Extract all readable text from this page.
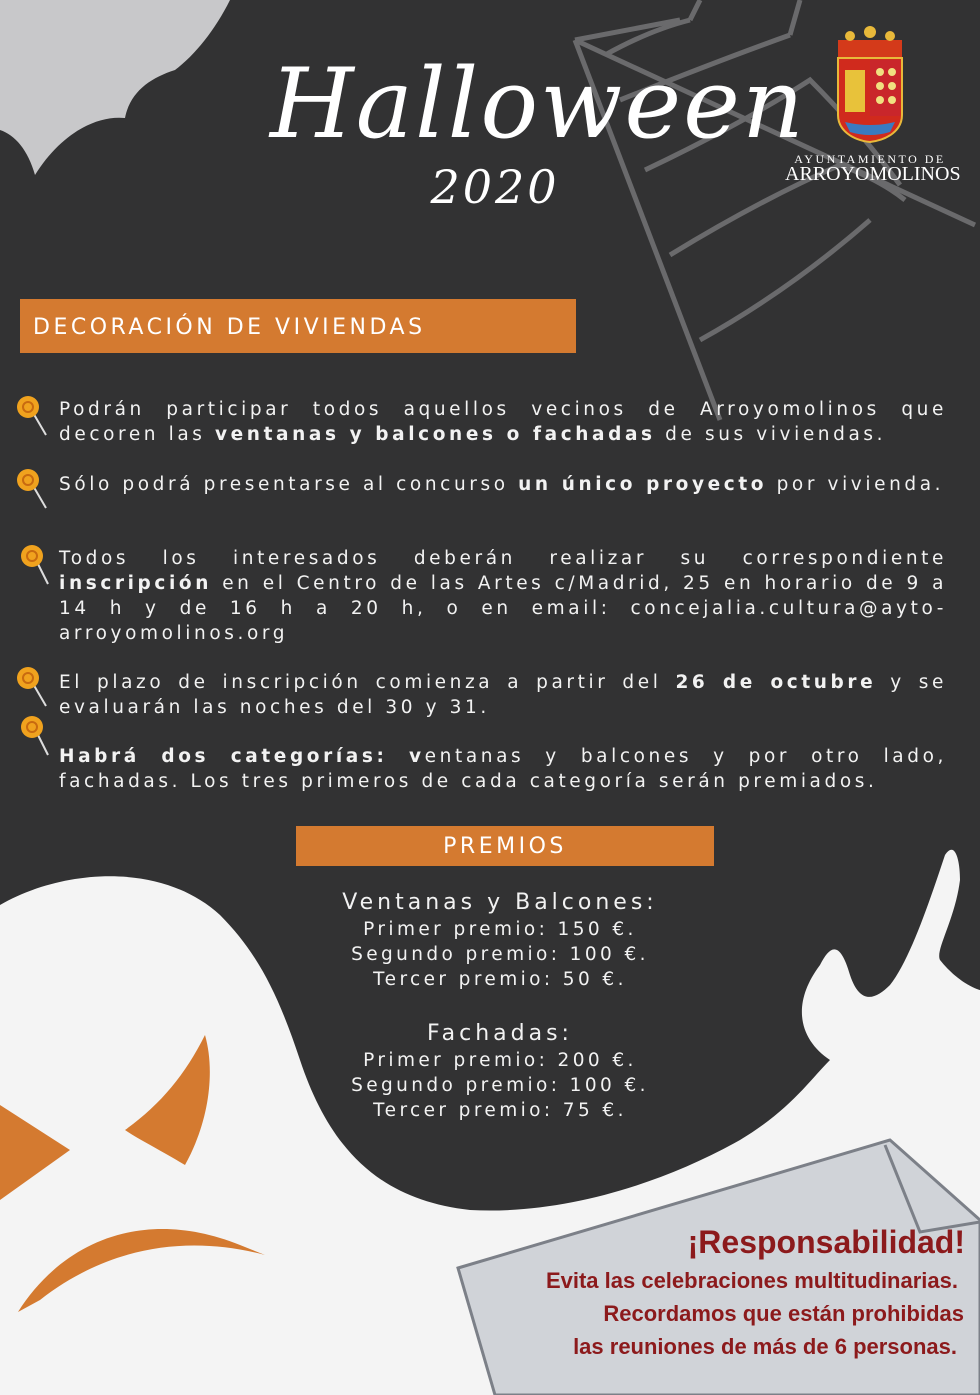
Halloween
2020
AYUNTAMIENTO DE
ARROYOMOLINOS
DECORACIÓN DE VIVIENDAS
Podrán participar todos aquellos vecinos de Arroyomolinos que decoren las ventanas y balcones o fachadas de sus viviendas.
Sólo podrá presentarse al concurso un único proyecto por vivienda.
Todos los interesados deberán realizar su correspondiente inscripción en el Centro de las Artes c/Madrid, 25 en horario de 9 a 14 h y de 16 h a 20 h, o en email: concejalia.cultura@ayto-arroyomolinos.org
El plazo de inscripción comienza a partir del 26 de octubre y se evaluarán las noches del 30 y 31.
Habrá dos categorías: ventanas y balcones y por otro lado, fachadas. Los tres primeros de cada categoría serán premiados.
PREMIOS
Ventanas y Balcones:
Primer premio: 150 €.
Segundo premio: 100 €.
Tercer premio: 50 €.
Fachadas:
Primer premio: 200 €.
Segundo premio: 100 €.
Tercer premio: 75 €.
¡Responsabilidad!
Evita las celebraciones multitudinarias.
Recordamos que están prohibidas
las reuniones de más de 6 personas.
